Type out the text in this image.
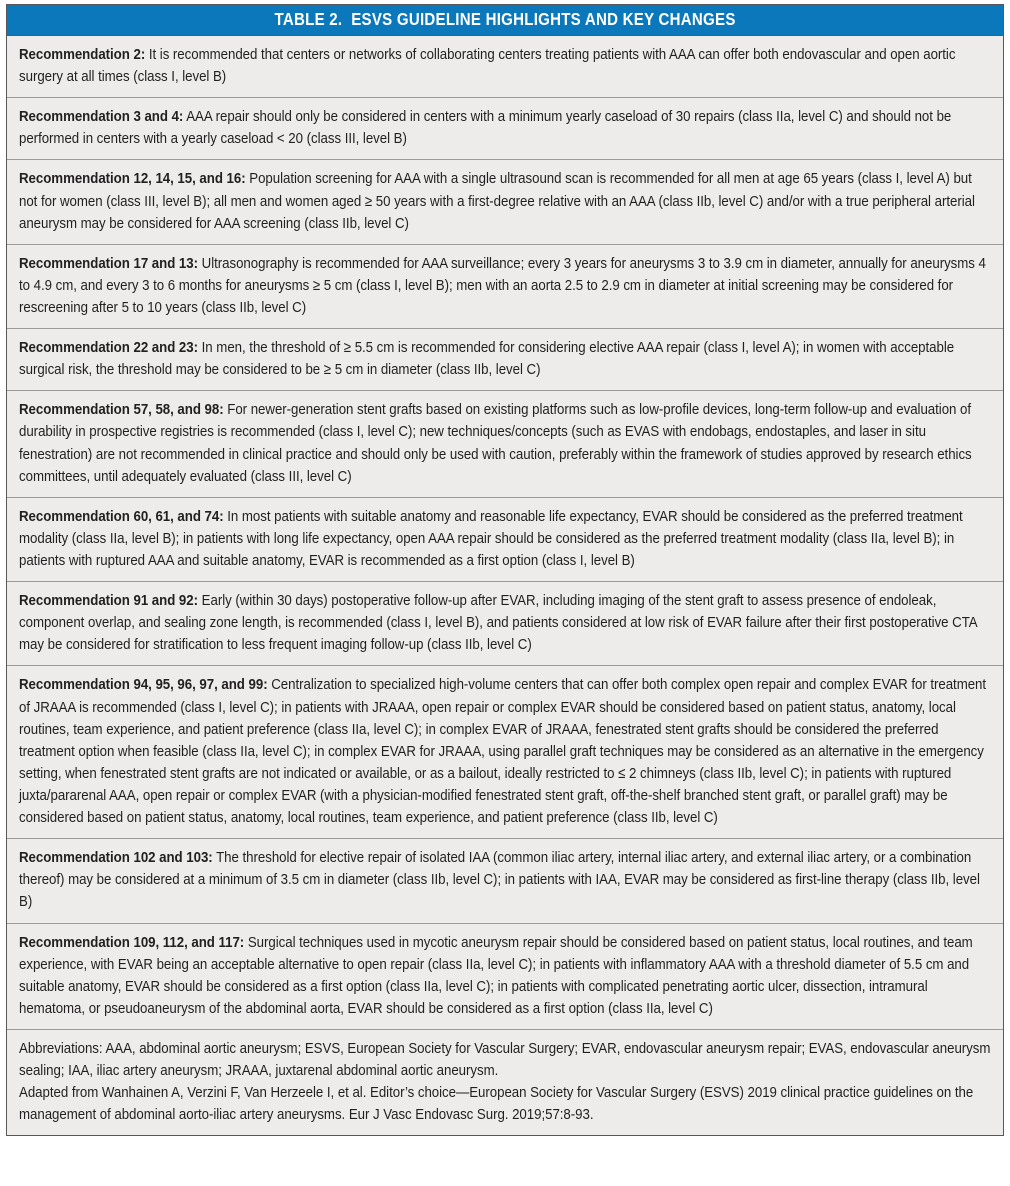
TABLE 2.  ESVS GUIDELINE HIGHLIGHTS AND KEY CHANGES
Recommendation 2: It is recommended that centers or networks of collaborating centers treating patients with AAA can offer both endovascular and open aortic surgery at all times (class I, level B)
Recommendation 3 and 4: AAA repair should only be considered in centers with a minimum yearly caseload of 30 repairs (class IIa, level C) and should not be performed in centers with a yearly caseload < 20 (class III, level B)
Recommendation 12, 14, 15, and 16: Population screening for AAA with a single ultrasound scan is recommended for all men at age 65 years (class I, level A) but not for women (class III, level B); all men and women aged ≥ 50 years with a first-degree relative with an AAA (class IIb, level C) and/or with a true peripheral arterial aneurysm may be considered for AAA screening (class IIb, level C)
Recommendation 17 and 13: Ultrasonography is recommended for AAA surveillance; every 3 years for aneurysms 3 to 3.9 cm in diameter, annually for aneurysms 4 to 4.9 cm, and every 3 to 6 months for aneurysms ≥ 5 cm (class I, level B); men with an aorta 2.5 to 2.9 cm in diameter at initial screening may be considered for rescreening after 5 to 10 years (class IIb, level C)
Recommendation 22 and 23: In men, the threshold of ≥ 5.5 cm is recommended for considering elective AAA repair (class I, level A); in women with acceptable surgical risk, the threshold may be considered to be ≥ 5 cm in diameter (class IIb, level C)
Recommendation 57, 58, and 98: For newer-generation stent grafts based on existing platforms such as low-profile devices, long-term follow-up and evaluation of durability in prospective registries is recommended (class I, level C); new techniques/concepts (such as EVAS with endobags, endostaples, and laser in situ fenestration) are not recommended in clinical practice and should only be used with caution, preferably within the framework of studies approved by research ethics committees, until adequately evaluated (class III, level C)
Recommendation 60, 61, and 74: In most patients with suitable anatomy and reasonable life expectancy, EVAR should be considered as the preferred treatment modality (class IIa, level B); in patients with long life expectancy, open AAA repair should be considered as the preferred treatment modality (class IIa, level B); in patients with ruptured AAA and suitable anatomy, EVAR is recommended as a first option (class I, level B)
Recommendation 91 and 92: Early (within 30 days) postoperative follow-up after EVAR, including imaging of the stent graft to assess presence of endoleak, component overlap, and sealing zone length, is recommended (class I, level B), and patients considered at low risk of EVAR failure after their first postoperative CTA may be considered for stratification to less frequent imaging follow-up (class IIb, level C)
Recommendation 94, 95, 96, 97, and 99: Centralization to specialized high-volume centers that can offer both complex open repair and complex EVAR for treatment of JRAAA is recommended (class I, level C); in patients with JRAAA, open repair or complex EVAR should be considered based on patient status, anatomy, local routines, team experience, and patient preference (class IIa, level C); in complex EVAR of JRAAA, fenestrated stent grafts should be considered the preferred treatment option when feasible (class IIa, level C); in complex EVAR for JRAAA, using parallel graft techniques may be considered as an alternative in the emergency setting, when fenestrated stent grafts are not indicated or available, or as a bailout, ideally restricted to ≤ 2 chimneys (class IIb, level C); in patients with ruptured juxta/pararenal AAA, open repair or complex EVAR (with a physician-modified fenestrated stent graft, off-the-shelf branched stent graft, or parallel graft) may be considered based on patient status, anatomy, local routines, team experience, and patient preference (class IIb, level C)
Recommendation 102 and 103: The threshold for elective repair of isolated IAA (common iliac artery, internal iliac artery, and external iliac artery, or a combination thereof) may be considered at a minimum of 3.5 cm in diameter (class IIb, level C); in patients with IAA, EVAR may be considered as first-line therapy (class IIb, level B)
Recommendation 109, 112, and 117: Surgical techniques used in mycotic aneurysm repair should be considered based on patient status, local routines, and team experience, with EVAR being an acceptable alternative to open repair (class IIa, level C); in patients with inflammatory AAA with a threshold diameter of 5.5 cm and suitable anatomy, EVAR should be considered as a first option (class IIa, level C); in patients with complicated penetrating aortic ulcer, dissection, intramural hematoma, or pseudoaneurysm of the abdominal aorta, EVAR should be considered as a first option (class IIa, level C)

Abbreviations: AAA, abdominal aortic aneurysm; ESVS, European Society for Vascular Surgery; EVAR, endovascular aneurysm repair; EVAS, endovascular aneurysm sealing; IAA, iliac artery aneurysm; JRAAA, juxtarenal abdominal aortic aneurysm.

Adapted from Wanhainen A, Verzini F, Van Herzeele I, et al. Editor’s choice—European Society for Vascular Surgery (ESVS) 2019 clinical practice guidelines on the management of abdominal aorto-iliac artery aneurysms. Eur J Vasc Endovasc Surg. 2019;57:8-93.
